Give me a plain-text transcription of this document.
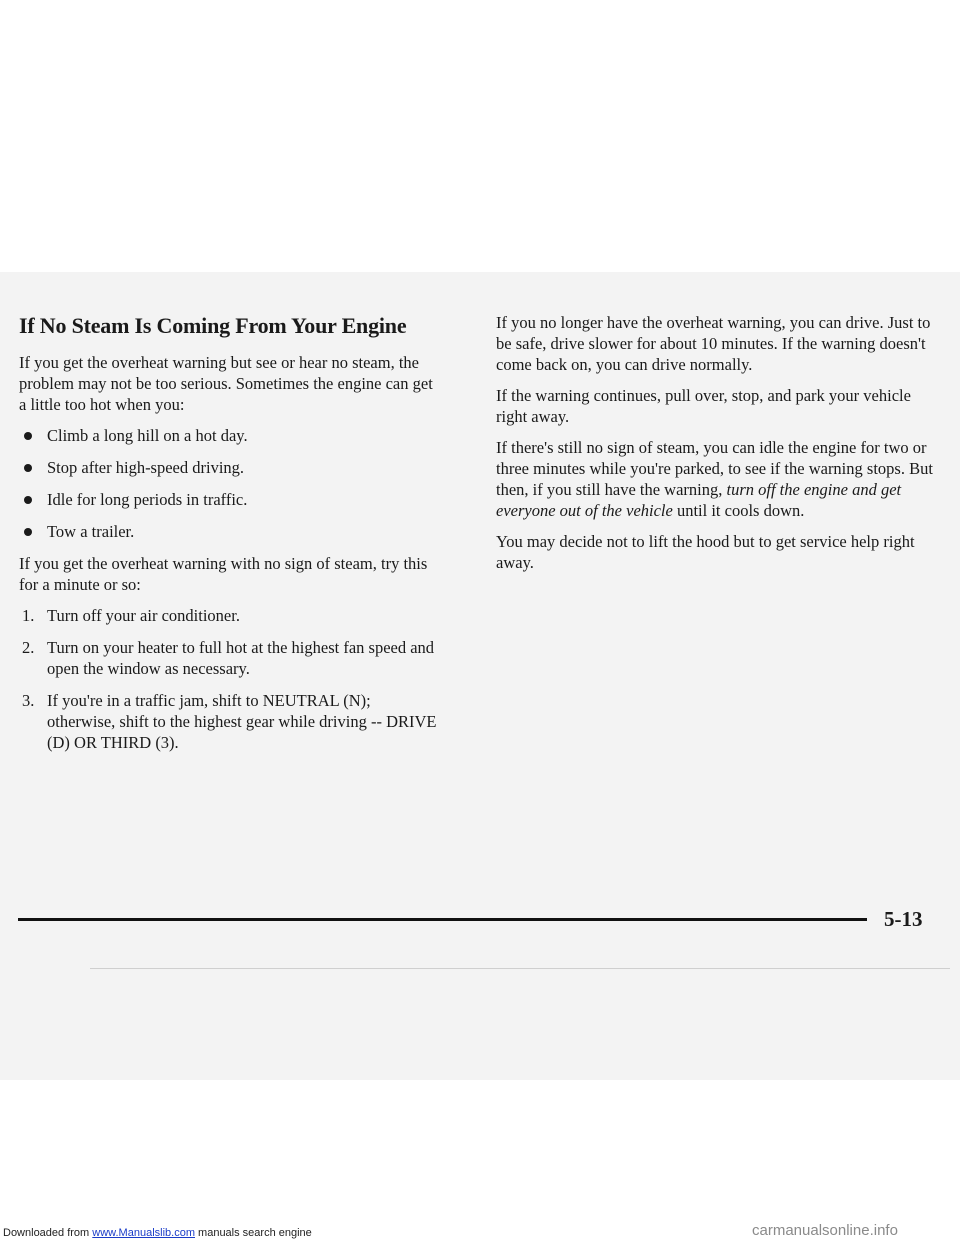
If No Steam Is Coming From Your Engine

If you get the overheat warning but see or hear no steam, the problem may not be too serious. Sometimes the engine can get a little too hot when you:

Climb a long hill on a hot day.
Stop after high-speed driving.
Idle for long periods in traffic.
Tow a trailer.

If you get the overheat warning with no sign of steam, try this for a minute or so:

1. Turn off your air conditioner.
2. Turn on your heater to full hot at the highest fan speed and open the window as necessary.
3. If you're in a traffic jam, shift to NEUTRAL (N); otherwise, shift to the highest gear while driving -- DRIVE (D) OR THIRD (3).

If you no longer have the overheat warning, you can drive. Just to be safe, drive slower for about 10 minutes. If the warning doesn't come back on, you can drive normally.

If the warning continues, pull over, stop, and park your vehicle right away.

If there's still no sign of steam, you can idle the engine for two or three minutes while you're parked, to see if the warning stops. But then, if you still have the warning, turn off the engine and get everyone out of the vehicle until it cools down.

You may decide not to lift the hood but to get service help right away.

5-13
Downloaded from www.Manualslib.com manuals search engine	carmanualsonline.info
